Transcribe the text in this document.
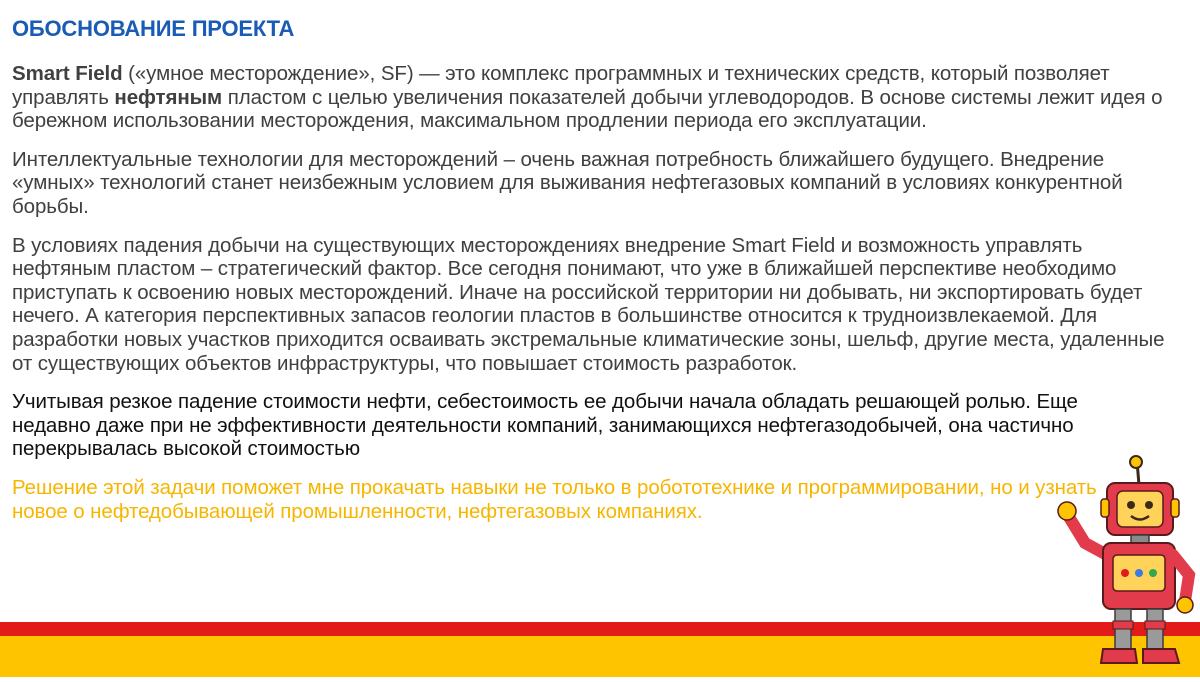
ОБОСНОВАНИЕ ПРОЕКТА

Smart Field («умное месторождение», SF) — это комплекс программных и технических средств, который позволяет управлять нефтяным пластом с целью увеличения показателей добычи углеводородов. В основе системы лежит идея о бережном использовании месторождения, максимальном продлении периода его эксплуатации.

Интеллектуальные технологии для месторождений – очень важная потребность ближайшего будущего. Внедрение «умных» технологий станет неизбежным условием для выживания нефтегазовых компаний в условиях конкурентной борьбы.

В условиях падения добычи на существующих месторождениях внедрение Smart Field и возможность управлять нефтяным пластом – стратегический фактор. Все сегодня понимают, что уже в ближайшей перспективе необходимо приступать к освоению новых месторождений. Иначе на российской территории ни добывать, ни экспортировать будет нечего. А категория перспективных запасов геологии пластов в большинстве относится к трудноизвлекаемой. Для разработки новых участков приходится осваивать экстремальные климатические зоны, шельф, другие места, удаленные от существующих объектов инфраструктуры, что повышает стоимость разработок.

Учитывая резкое падение стоимости нефти, себестоимость ее добычи начала обладать решающей ролью. Еще недавно даже при не эффективности деятельности компаний, занимающихся нефтегазодобычей, она частично перекрывалась высокой стоимостью

Решение этой задачи поможет мне прокачать навыки не только в робототехнике и программировании, но и узнать новое о нефтедобывающей промышленности, нефтегазовых компаниях.
